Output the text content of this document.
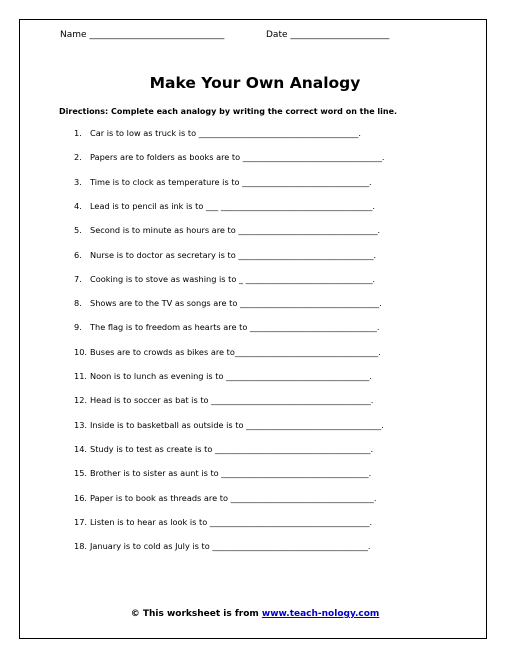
Name ______________________________	Date ______________________
Make Your Own Analogy
Directions: Complete each analogy by writing the correct word on the line.
1. Car is to low as truck is to _______________________________________.
2. Papers are to folders as books are to __________________________________.
3. Time is to clock as temperature is to _______________________________.
4. Lead is to pencil as ink is to ___ _____________________________________.
5. Second is to minute as hours are to __________________________________.
6. Nurse is to doctor as secretary is to _________________________________.
7. Cooking is to stove as washing is to _ _______________________________.
8. Shows are to the TV as songs are to __________________________________.
9. The flag is to freedom as hearts are to _______________________________.
10. Buses are to crowds as bikes are to___________________________________.
11. Noon is to lunch as evening is to ___________________________________.
12. Head is to soccer as bat is to _______________________________________.
13. Inside is to basketball as outside is to _________________________________.
14. Study is to test as create is to ______________________________________.
15. Brother is to sister as aunt is to ____________________________________.
16. Paper is to book as threads are to ___________________________________.
17. Listen is to hear as look is to _______________________________________.
18. January is to cold as July is to ______________________________________.
© This worksheet is from www.teach-nology.com
